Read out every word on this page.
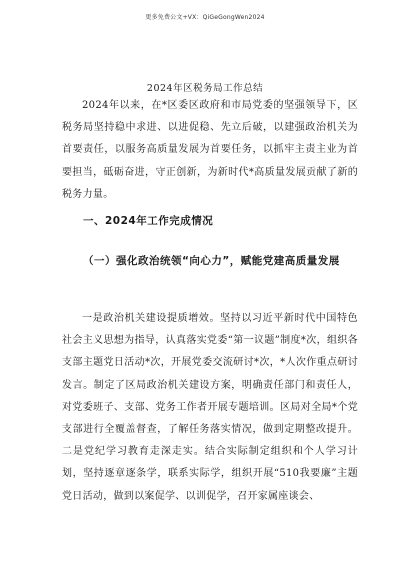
更多免费公文+VX：QiGeGongWen2024
2024年区税务局工作总结

2024年以来，在*区委区政府和市局党委的坚强领导下，区税务局坚持稳中求进、以进促稳、先立后破，以建强政治机关为首要责任，以服务高质量发展为首要任务，以抓牢主责主业为首要担当，砥砺奋进，守正创新，为新时代*高质量发展贡献了新的税务力量。

一、2024年工作完成情况
（一）强化政治统领“向心力”，赋能党建高质量发展

一是政治机关建设提质增效。坚持以习近平新时代中国特色社会主义思想为指导，认真落实党委“第一议题”制度*次，组织各支部主题党日活动*次，开展党委交流研讨*次，*人次作重点研讨发言。制定了区局政治机关建设方案，明确责任部门和责任人，对党委班子、支部、党务工作者开展专题培训。区局对全局*个党支部进行全覆盖督查，了解任务落实情况，做到定期整改提升。二是党纪学习教育走深走实。结合实际制定组织和个人学习计划，坚持逐章逐条学，联系实际学，组织开展“510我要廉”主题党日活动，做到以案促学、以训促学，召开家属座谈会、
